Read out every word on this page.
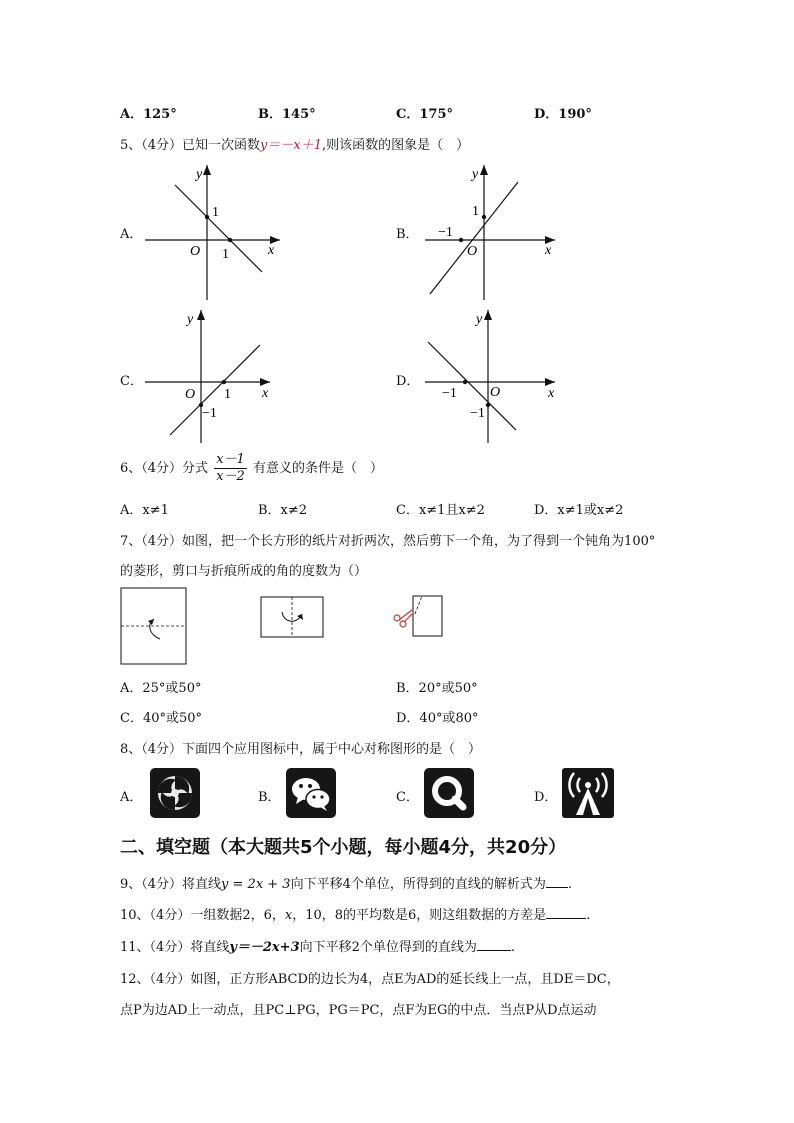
A．125°	B．145°	C．175°	D．190°
5、（4分）已知一次函数y＝－x＋1,则该函数的图象是（　）
A．	B．
C．	D．
y
x
O
1
1
y
x
O
1
−1
y
x
O 1
−1
y
x
O
−1
−1
6、（4分）分式 $\frac{x-1}{x-2}$ 有意义的条件是（　）
A．x≠1	B．x≠2	C．x≠1且x≠2	D．x≠1或x≠2
7、（4分）如图，把一个长方形的纸片对折两次，然后剪下一个角，为了得到一个钝角为100°
的菱形，剪口与折痕所成的角的度数为（）
A．25°或50°	B．20°或50°
C．40°或50°	D．40°或80°
8、（4分）下面四个应用图标中，属于中心对称图形的是（　）
A．	B．	C．	D．
二、填空题（本大题共5个小题，每小题4分，共20分）
9、（4分）将直线y = 2x + 3向下平移4个单位，所得到的直线的解析式为 .
10、（4分）一组数据2，6，x，10，8的平均数是6，则这组数据的方差是	.
11、（4分）将直线y＝－2x+3向下平移2个单位得到的直线为	.
12、（4分）如图，正方形ABCD的边长为4，点E为AD的延长线上一点，且DE＝DC，
点P为边AD上一动点，且PC⊥PG，PG＝PC，点F为EG的中点．当点P从D点运动
